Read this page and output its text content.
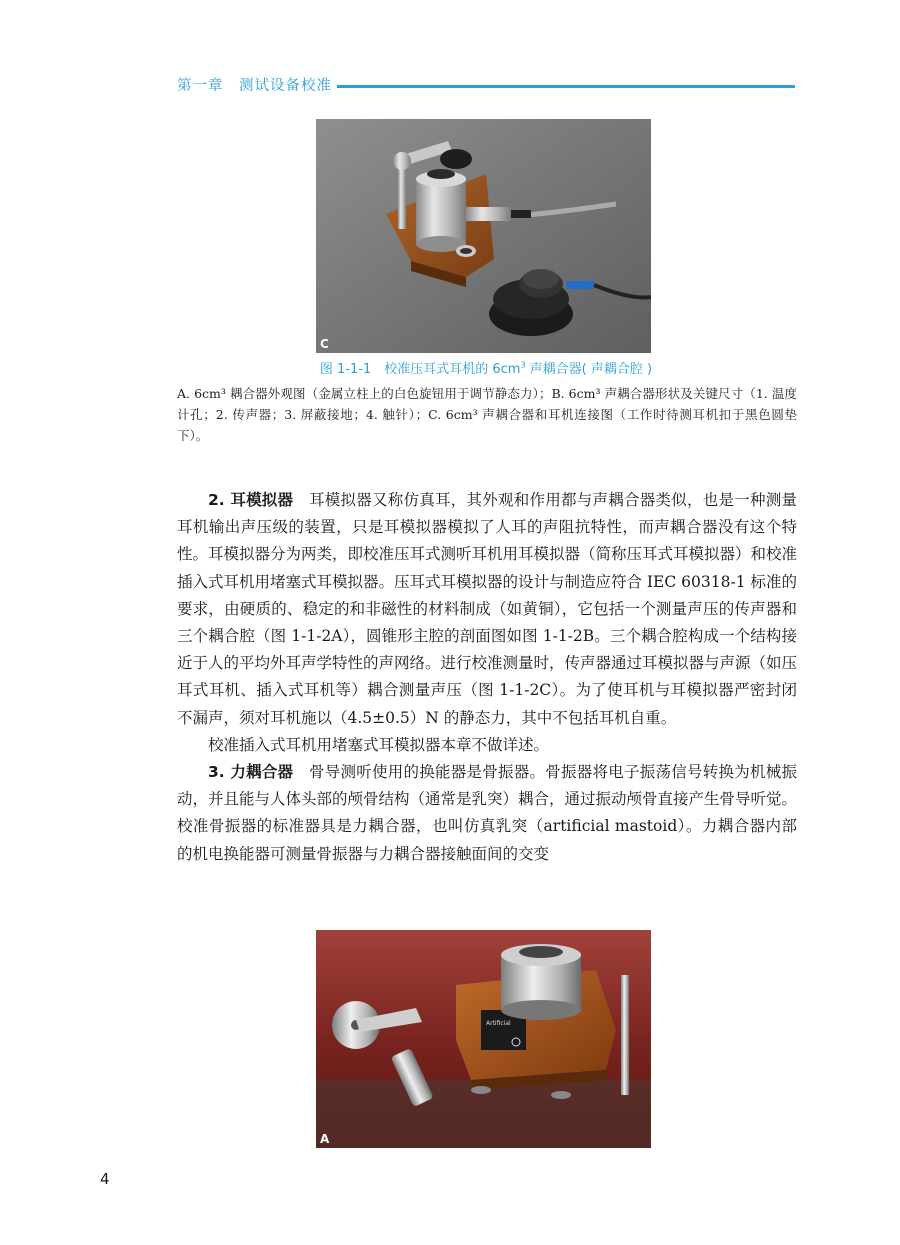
第一章　测试设备校准
C
图 1-1-1　校准压耳式耳机的 $6cm^3$ 声耦合器( 声耦合腔 )
A. 6cm³ 耦合器外观图（金属立柱上的白色旋钮用于调节静态力）；B. 6cm³ 声耦合器形状及关键尺寸（1. 温度计孔；2. 传声器；3. 屏蔽接地；4. 触针）；C. 6cm³ 声耦合器和耳机连接图（工作时待测耳机扣于黑色圆垫下）。

2. 耳模拟器　耳模拟器又称仿真耳，其外观和作用都与声耦合器类似，也是一种测量耳机输出声压级的装置，只是耳模拟器模拟了人耳的声阻抗特性，而声耦合器没有这个特性。耳模拟器分为两类，即校准压耳式测听耳机用耳模拟器（简称压耳式耳模拟器）和校准插入式耳机用堵塞式耳模拟器。压耳式耳模拟器的设计与制造应符合 IEC 60318-1 标准的要求，由硬质的、稳定的和非磁性的材料制成（如黄铜），它包括一个测量声压的传声器和三个耦合腔（图 1-1-2A），圆锥形主腔的剖面图如图 1-1-2B。三个耦合腔构成一个结构接近于人的平均外耳声学特性的声网络。进行校准测量时，传声器通过耳模拟器与声源（如压耳式耳机、插入式耳机等）耦合测量声压（图 1-1-2C）。为了使耳机与耳模拟器严密封闭不漏声，须对耳机施以（4.5±0.5）N 的静态力，其中不包括耳机自重。

校准插入式耳机用堵塞式耳模拟器本章不做详述。

3. 力耦合器　骨导测听使用的换能器是骨振器。骨振器将电子振荡信号转换为机械振动，并且能与人体头部的颅骨结构（通常是乳突）耦合，通过振动颅骨直接产生骨导听觉。校准骨振器的标准器具是力耦合器，也叫仿真乳突（artificial mastoid）。力耦合器内部的机电换能器可测量骨振器与力耦合器接触面间的交变

Artificial
A
4
